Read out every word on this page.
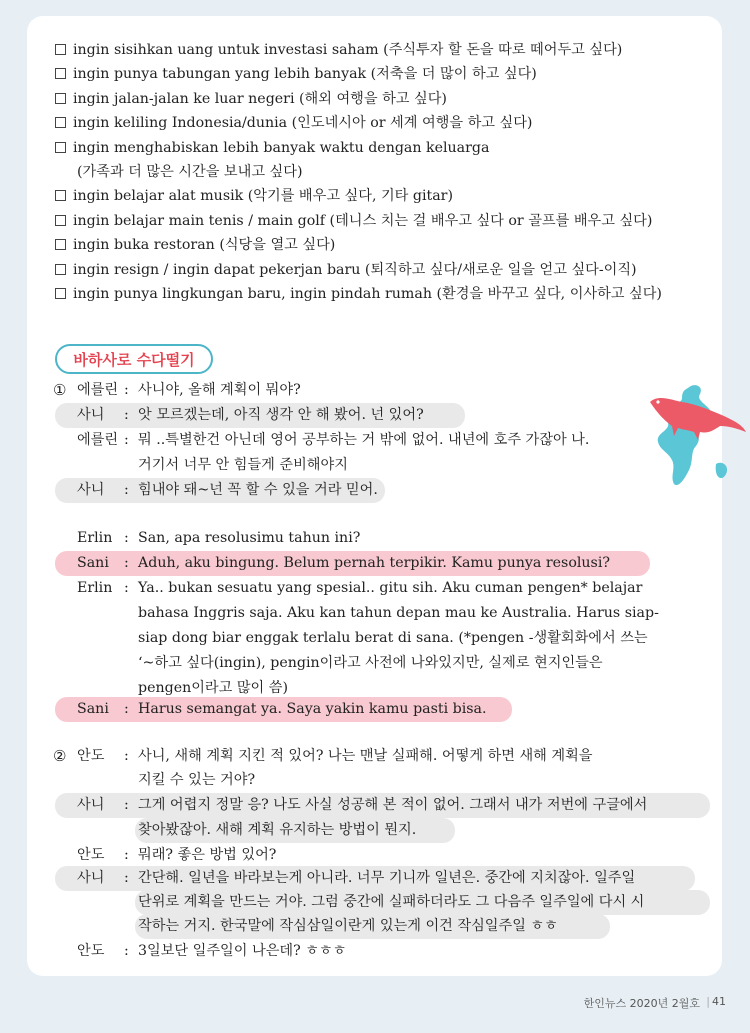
ingin sisihkan uang untuk investasi saham (주식투자 할 돈을 따로 떼어두고 싶다)
ingin punya tabungan yang lebih banyak (저축을 더 많이 하고 싶다)
ingin jalan-jalan ke luar negeri (해외 여행을 하고 싶다)
ingin keliling Indonesia/dunia (인도네시아 or 세계 여행을 하고 싶다)
ingin menghabiskan lebih banyak waktu dengan keluarga
(가족과 더 많은 시간을 보내고 싶다)
ingin belajar alat musik (악기를 배우고 싶다, 기타 gitar)
ingin belajar main tenis / main golf (테니스 치는 걸 배우고 싶다 or 골프를 배우고 싶다)
ingin buka restoran (식당을 열고 싶다)
ingin resign / ingin dapat pekerjan baru (퇴직하고 싶다/새로운 일을 얻고 싶다-이직)
ingin punya lingkungan baru, ingin pindah rumah (환경을 바꾸고 싶다, 이사하고 싶다)
바하사로 수다떨기
① 에를린 : 사니야, 올해 계획이 뭐야?
사니	: 앗 모르겠는데, 아직 생각 안 해 봤어. 넌 있어?
에를린 : 뭐 ..특별한건 아닌데 영어 공부하는 거 밖에 없어. 내년에 호주 가잖아 나.
거기서 너무 안 힘들게 준비해야지
사니	: 힘내야 돼~넌 꼭 할 수 있을 거라 믿어.
Erlin : San, apa resolusimu tahun ini?
Sani	: Aduh, aku bingung. Belum pernah terpikir. Kamu punya resolusi?
Erlin : Ya.. bukan sesuatu yang spesial.. gitu sih. Aku cuman pengen* belajar
bahasa Inggris saja. Aku kan tahun depan mau ke Australia. Harus siap-
siap dong biar enggak terlalu berat di sana. (*pengen -생활회화에서 쓰는
‘~하고 싶다(ingin), pengin이라고 사전에 나와있지만, 실제로 현지인들은
pengen이라고 많이 씀)
Sani	: Harus semangat ya. Saya yakin kamu pasti bisa.
② 안도	: 사니, 새해 계획 지킨 적 있어? 나는 맨날 실패해. 어떻게 하면 새해 계획을
지킬 수 있는 거야?
사니	: 그게 어렵지 정말 응? 나도 사실 성공해 본 적이 없어. 그래서 내가 저번에 구글에서
찾아봤잖아. 새해 계획 유지하는 방법이 뭔지.
안도	: 뭐래? 좋은 방법 있어?
사니	: 간단해. 일년을 바라보는게 아니라. 너무 기니까 일년은. 중간에 지치잖아. 일주일
단위로 계획을 만드는 거야. 그럼 중간에 실패하더라도 그 다음주 일주일에 다시 시
작하는 거지. 한국말에 작심삼일이란게 있는게 이건 작심일주일 ㅎㅎ
안도	: 3일보단 일주일이 나은데? ㅎㅎㅎ
한인뉴스 2020년 2월호 | 41
